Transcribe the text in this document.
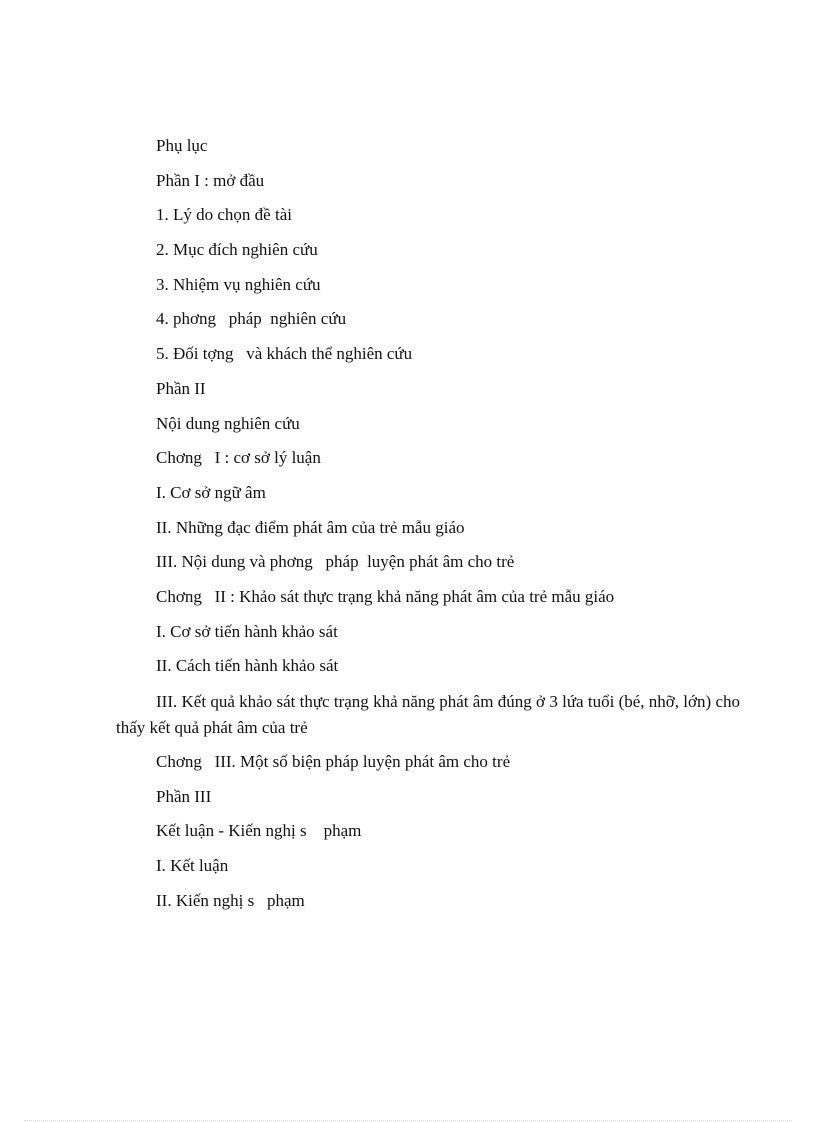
Phụ lục
Phần I : mở đầu
1. Lý do chọn đề tài
2. Mục đích nghiên cứu
3. Nhiệm vụ nghiên cứu
4. phơng   pháp  nghiên cứu
5. Đối tợng   và khách thể nghiên cứu
Phần II
Nội dung nghiên cứu
Chơng   I : cơ sở lý luận
I. Cơ sở ngữ âm
II. Những đạc điểm phát âm của trẻ mẫu giáo
III. Nội dung và phơng   pháp  luyện phát âm cho trẻ
Chơng   II : Khảo sát thực trạng khả năng phát âm của trẻ mẫu giáo
I. Cơ sở tiến hành khảo sát
II. Cách tiến hành khảo sát
III. Kết quả khảo sát thực trạng khả năng phát âm đúng ở 3 lứa tuổi (bé, nhỡ, lớn) cho thấy kết quả phát âm của trẻ
Chơng   III. Một số biện pháp luyện phát âm cho trẻ
Phần III
Kết luận - Kiến nghị s    phạm
I. Kết luận
II. Kiến nghị s   phạm
